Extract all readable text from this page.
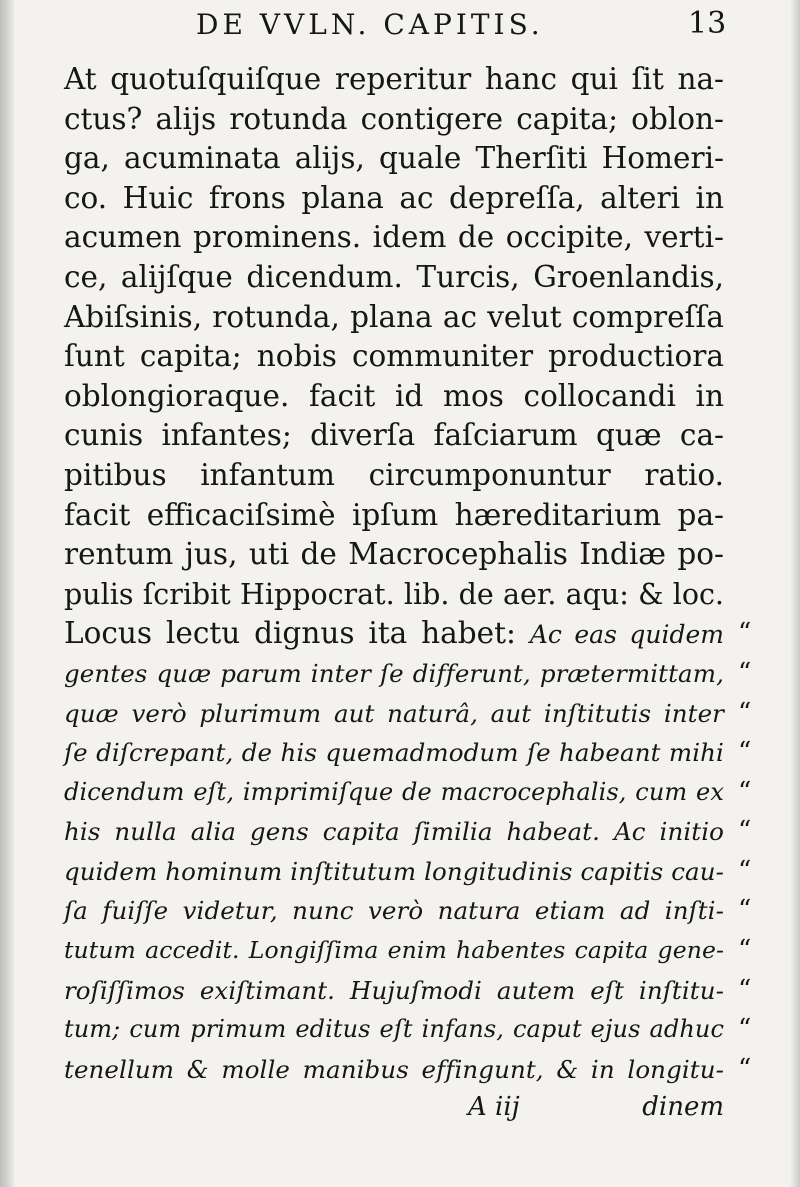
DE VVLN. CAPITIS.	13
At quotuſquiſque reperitur hanc qui ſit na-
ctus? alijs rotunda contigere capita; oblon-
ga, acuminata alijs, quale Therſiti Homeri-
co. Huic frons plana ac depreſſa, alteri in
acumen prominens. idem de occipite, verti-
ce, alijſque dicendum. Turcis, Groenlandis,
Abiſsinis, rotunda, plana ac velut compreſſa
ſunt capita; nobis communiter productiora
oblongioraque. facit id mos collocandi in
cunis infantes; diverſa faſciarum quæ ca-
pitibus infantum circumponuntur ratio.
facit efficaciſsimè ipſum hæreditarium pa-
rentum jus, uti de Macrocephalis Indiæ po-
pulis ſcribit Hippocrat. lib. de aer. aqu: & loc.
Locus lectu dignus ita habet: Ac eas quidem
gentes quæ parum inter ſe differunt, prætermittam,
quæ verò plurimum aut naturâ, aut inſtitutis inter
ſe diſcrepant, de his quemadmodum ſe habeant mihi
dicendum eſt, imprimiſque de macrocephalis, cum ex
his nulla alia gens capita ſimilia habeat. Ac initio
quidem hominum inſtitutum longitudinis capitis cau-
ſa fuiſſe videtur, nunc verò natura etiam ad inſti-
tutum accedit. Longiſſima enim habentes capita gene-
roſiſſimos exiſtimant. Hujuſmodi autem eſt inſtitu-
tum; cum primum editus eſt infans, caput ejus adhuc
tenellum & molle manibus effingunt, & in longitu-
“
“
“
“
“
“
“
“
“
“
“
“
A iij	dinem
